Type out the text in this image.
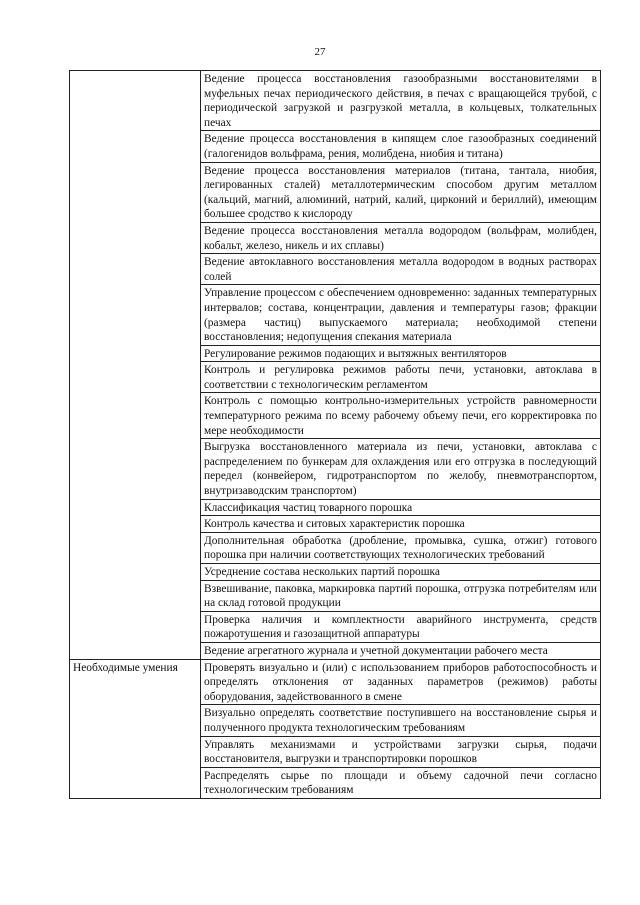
27
	Ведение процесса восстановления газообразными восстановителями в муфельных печах периодического действия, в печах с вращающейся трубой, с периодической загрузкой и разгрузкой металла, в кольцевых, толкательных печах
	Ведение процесса восстановления в кипящем слое газообразных соединений (галогенидов вольфрама, рения, молибдена, ниобия и титана)
	Ведение процесса восстановления материалов (титана, тантала, ниобия, легированных сталей) металлотермическим способом другим металлом (кальций, магний, алюминий, натрий, калий, цирконий и бериллий), имеющим большее сродство к кислороду
	Ведение процесса восстановления металла водородом (вольфрам, молибден, кобальт, железо, никель и их сплавы)
	Ведение автоклавного восстановления металла водородом в водных растворах солей
	Управление процессом с обеспечением одновременно: заданных температурных интервалов; состава, концентрации, давления и температуры газов; фракции (размера частиц) выпускаемого материала; необходимой степени восстановления; недопущения спекания материала
	Регулирование режимов подающих и вытяжных вентиляторов
	Контроль и регулировка режимов работы печи, установки, автоклава в соответствии с технологическим регламентом
	Контроль с помощью контрольно-измерительных устройств равномерности температурного режима по всему рабочему объему печи, его корректировка по мере необходимости
	Выгрузка восстановленного материала из печи, установки, автоклава с распределением по бункерам для охлаждения или его отгрузка в последующий передел (конвейером, гидротранспортом по желобу, пневмотранспортом, внутризаводским транспортом)
	Классификация частиц товарного порошка
	Контроль качества и ситовых характеристик порошка
	Дополнительная обработка (дробление, промывка, сушка, отжиг) готового порошка при наличии соответствующих технологических требований
	Усреднение состава нескольких партий порошка
	Взвешивание, паковка, маркировка партий порошка, отгрузка потребителям или на склад готовой продукции
	Проверка наличия и комплектности аварийного инструмента, средств пожаротушения и газозащитной аппаратуры
	Ведение агрегатного журнала и учетной документации рабочего места
Необходимые умения	Проверять визуально и (или) с использованием приборов работоспособность и определять отклонения от заданных параметров (режимов) работы оборудования, задействованного в смене
	Визуально определять соответствие поступившего на восстановление сырья и полученного продукта технологическим требованиям
	Управлять механизмами и устройствами загрузки сырья, подачи восстановителя, выгрузки и транспортировки порошков
	Распределять сырье по площади и объему садочной печи согласно технологическим требованиям
